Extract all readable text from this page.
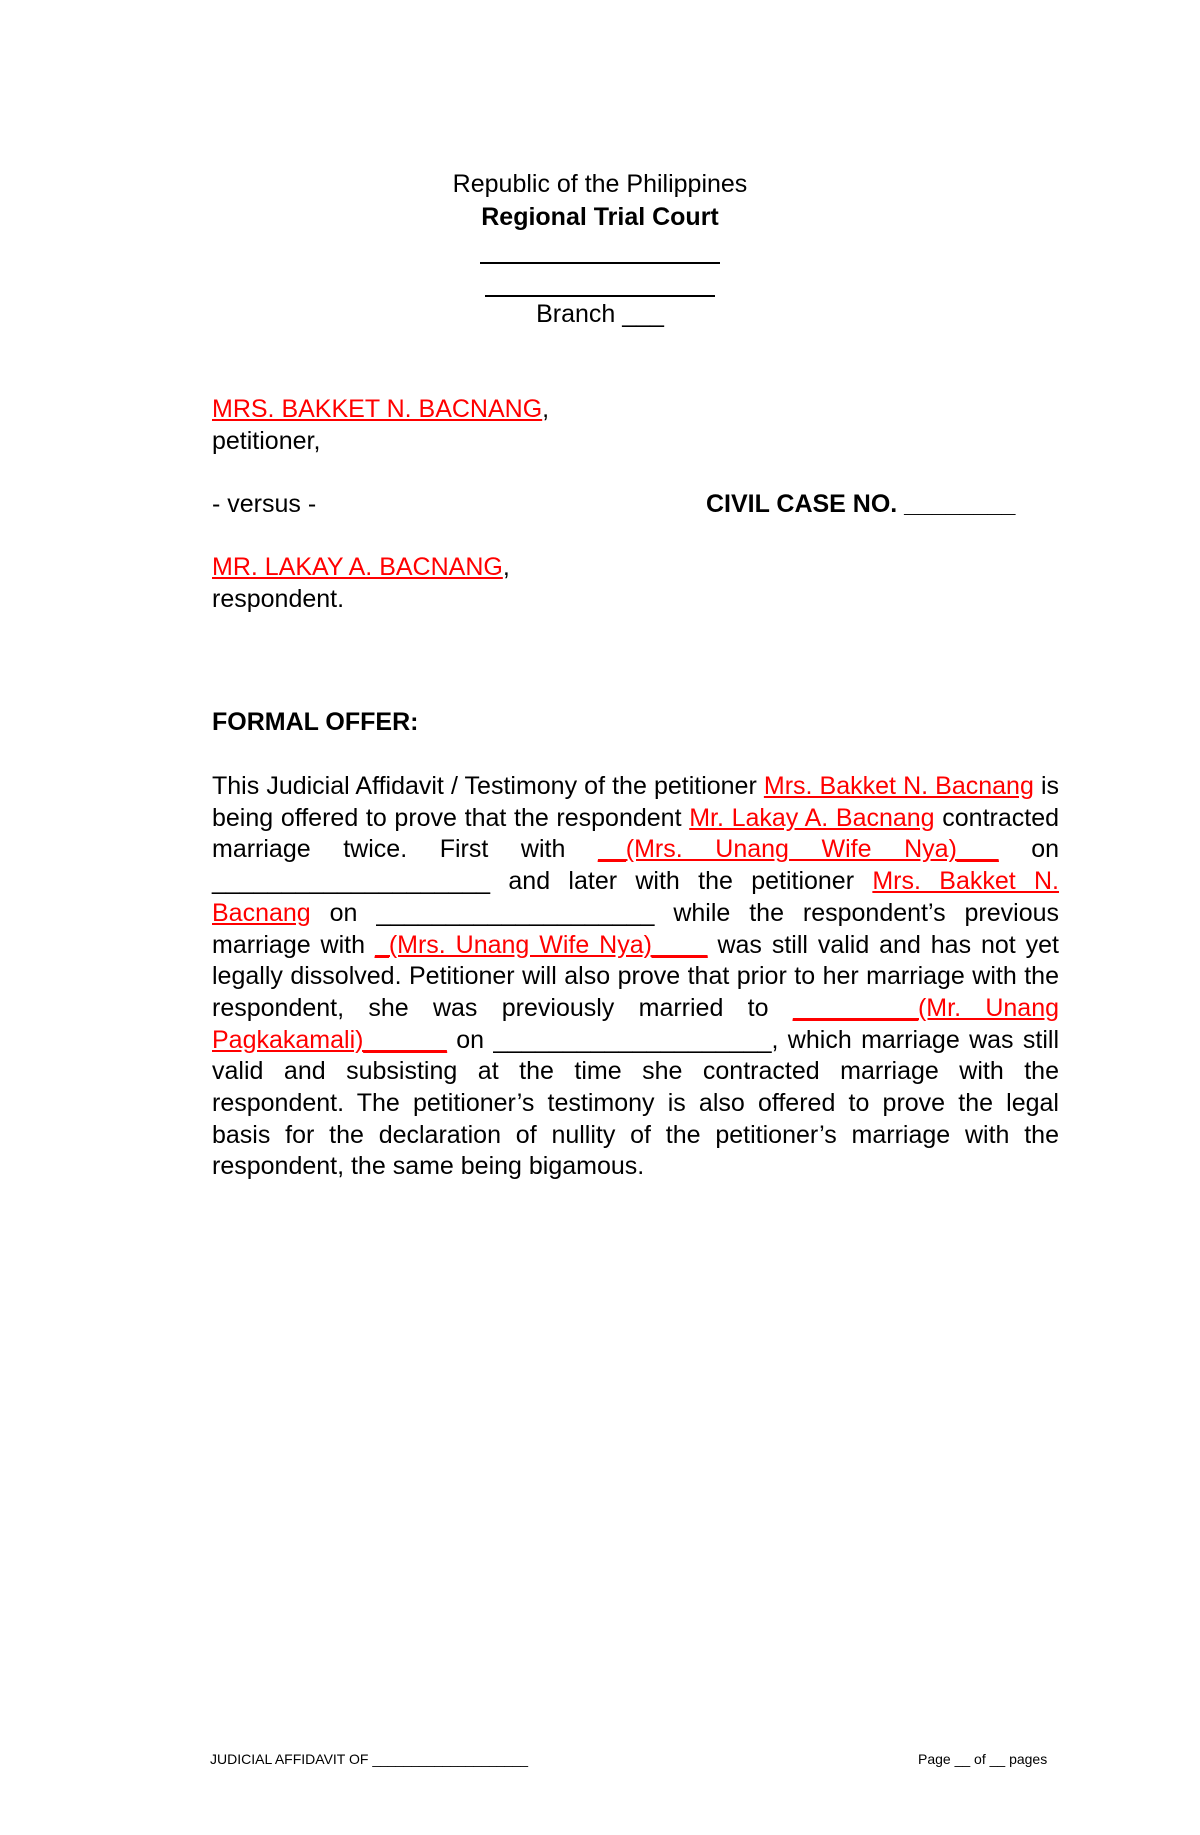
Republic of the Philippines
Regional Trial Court
Branch ___
MRS. BAKKET N. BACNANG,
petitioner,
- versus -	CIVIL CASE NO. ________
MR. LAKAY A. BACNANG,
respondent.
FORMAL OFFER:
This Judicial Affidavit / Testimony of the petitioner Mrs. Bakket N. Bacnang is being offered to prove that the respondent Mr. Lakay A. Bacnang contracted marriage twice. First with __(Mrs. Unang Wife Nya)___ on ____________________ and later with the petitioner Mrs. Bakket N. Bacnang on ____________________ while the respondent’s previous marriage with _(Mrs. Unang Wife Nya)____ was still valid and has not yet legally dissolved. Petitioner will also prove that prior to her marriage with the respondent, she was previously married to _________(Mr. Unang Pagkakamali)______ on ____________________, which marriage was still valid and subsisting at the time she contracted marriage with the respondent. The petitioner’s testimony is also offered to prove the legal basis for the declaration of nullity of the petitioner’s marriage with the respondent, the same being bigamous.
JUDICIAL AFFIDAVIT OF ____________________	Page __ of __ pages
